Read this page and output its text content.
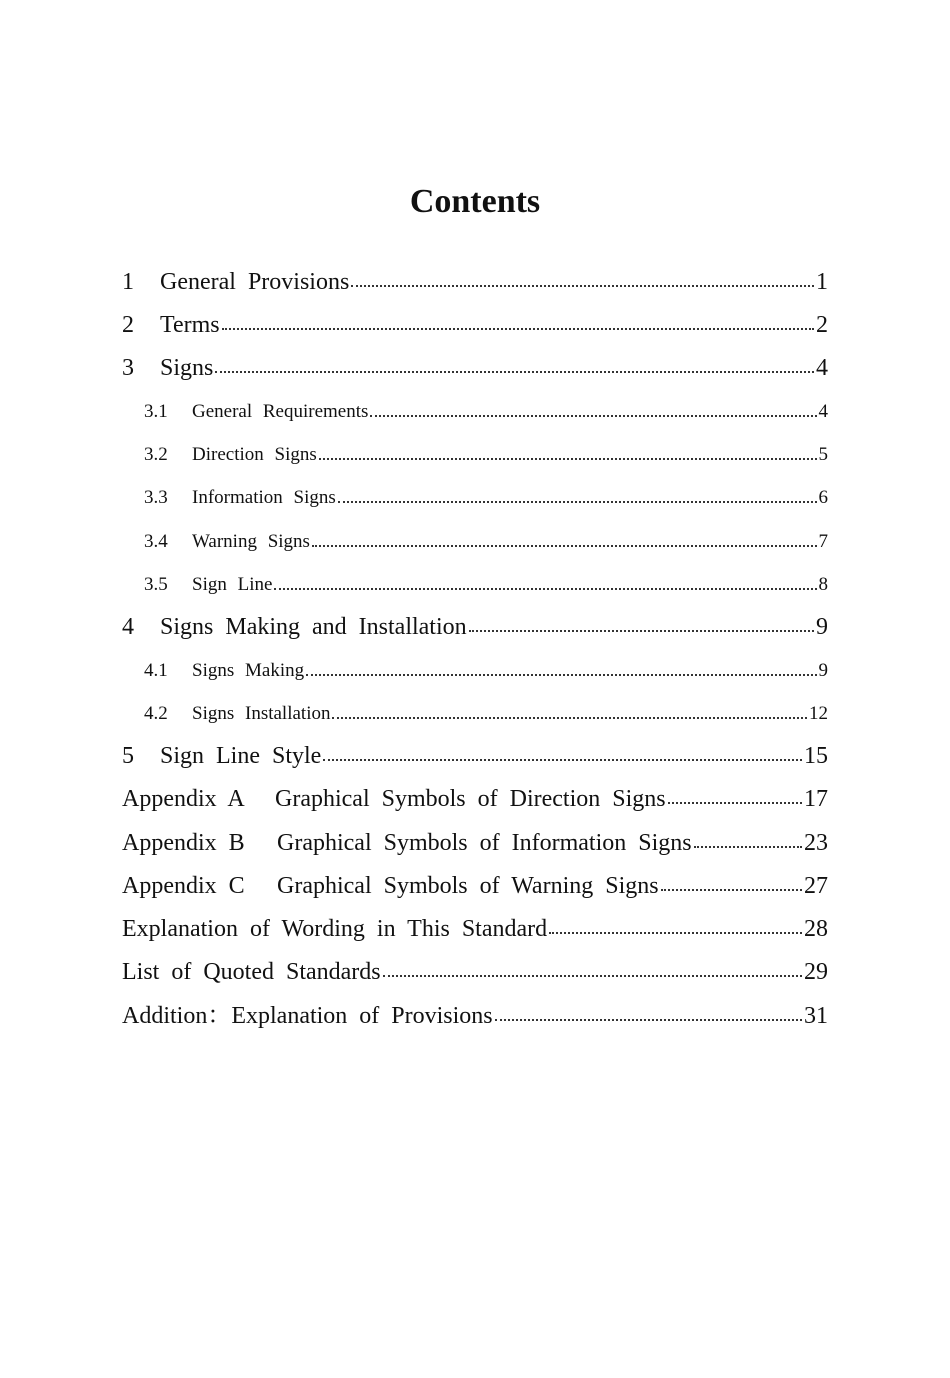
Contents
1	General Provisions	1
2	Terms	2
3	Signs	4
3.1	General Requirements	4
3.2	Direction Signs	5
3.3	Information Signs	6
3.4	Warning Signs	7
3.5	Sign Line	8
4	Signs Making and Installation	9
4.1	Signs Making	9
4.2	Signs Installation	12
5	Sign Line Style	15
Appendix A	Graphical Symbols of Direction Signs	17
Appendix B	Graphical Symbols of Information Signs	23
Appendix C	Graphical Symbols of Warning Signs	27
Explanation of Wording in This Standard	28
List of Quoted Standards	29
Addition：Explanation of Provisions	31
